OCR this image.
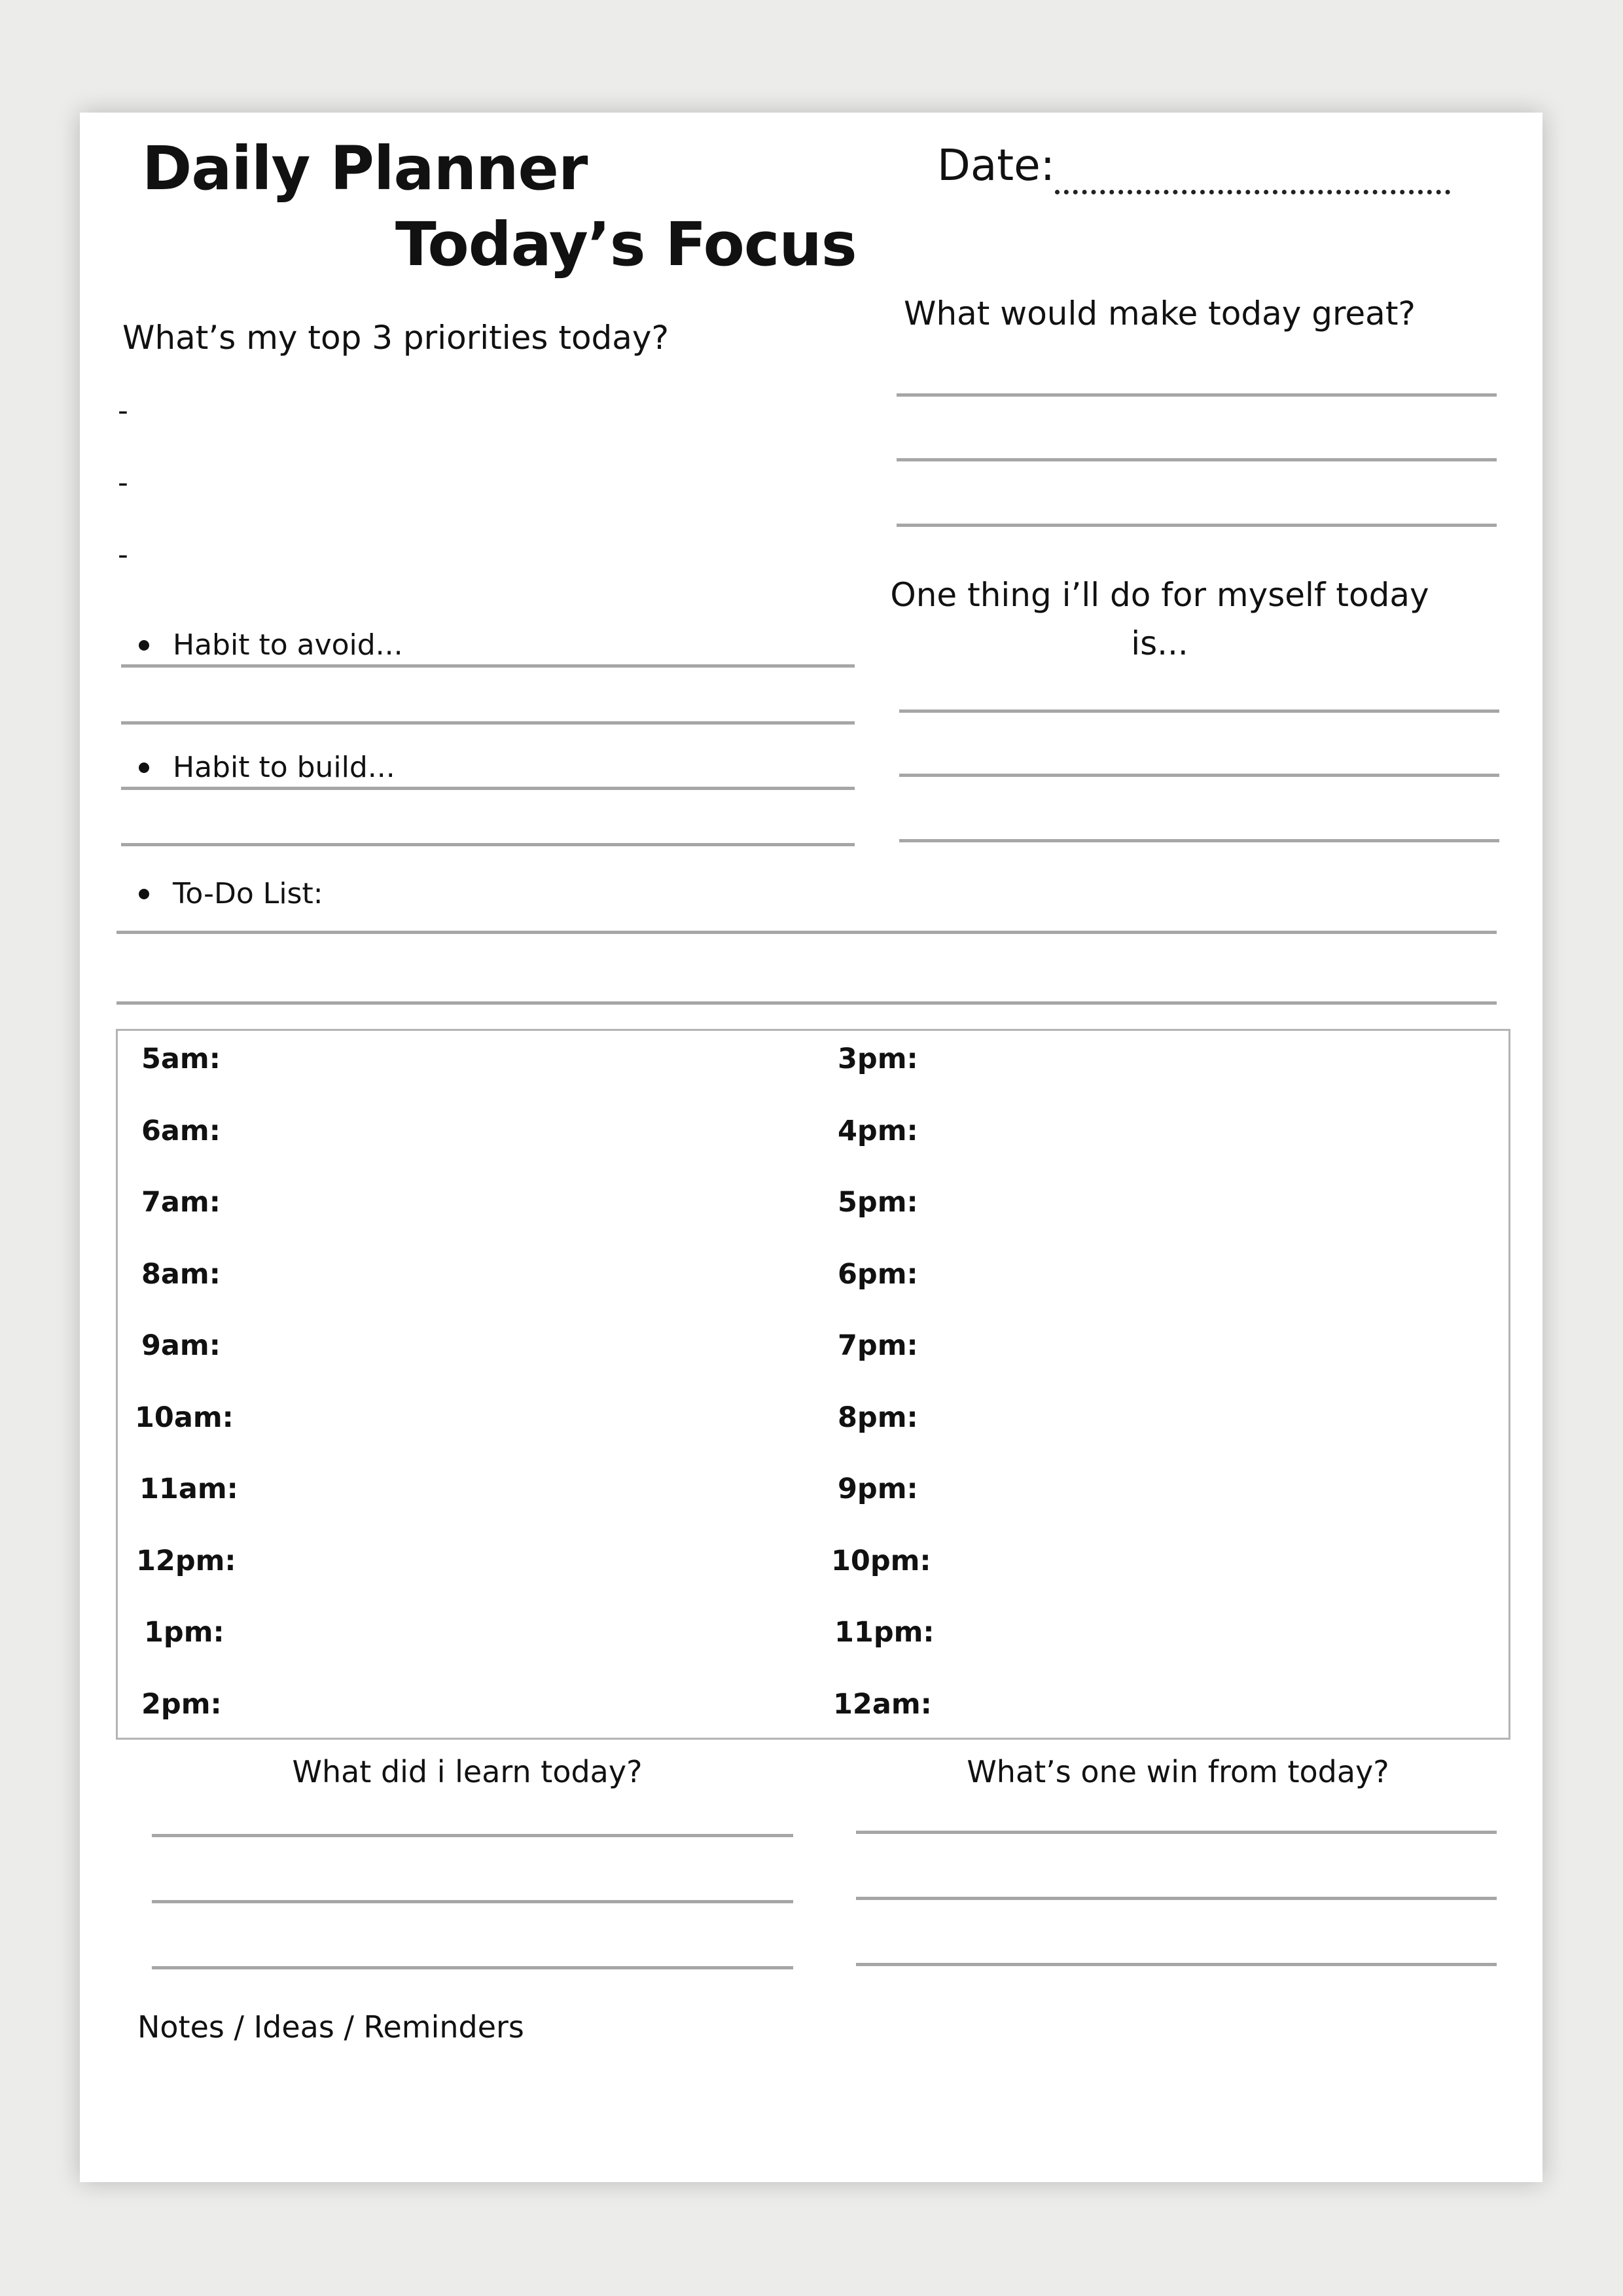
Daily Planner
Today’s Focus
Date:
What’s my top 3 priorities today?
-
-
-
What would make today great?
One thing i’ll do for myself today
is...
Habit to avoid...
Habit to build...
To-Do List:
5am:
6am:
7am:
8am:
9am:
10am:
11am:
12pm:
1pm:
2pm:
3pm:
4pm:
5pm:
6pm:
7pm:
8pm:
9pm:
10pm:
11pm:
12am:
What did i learn today?	What’s one win from today?
Notes / Ideas / Reminders
